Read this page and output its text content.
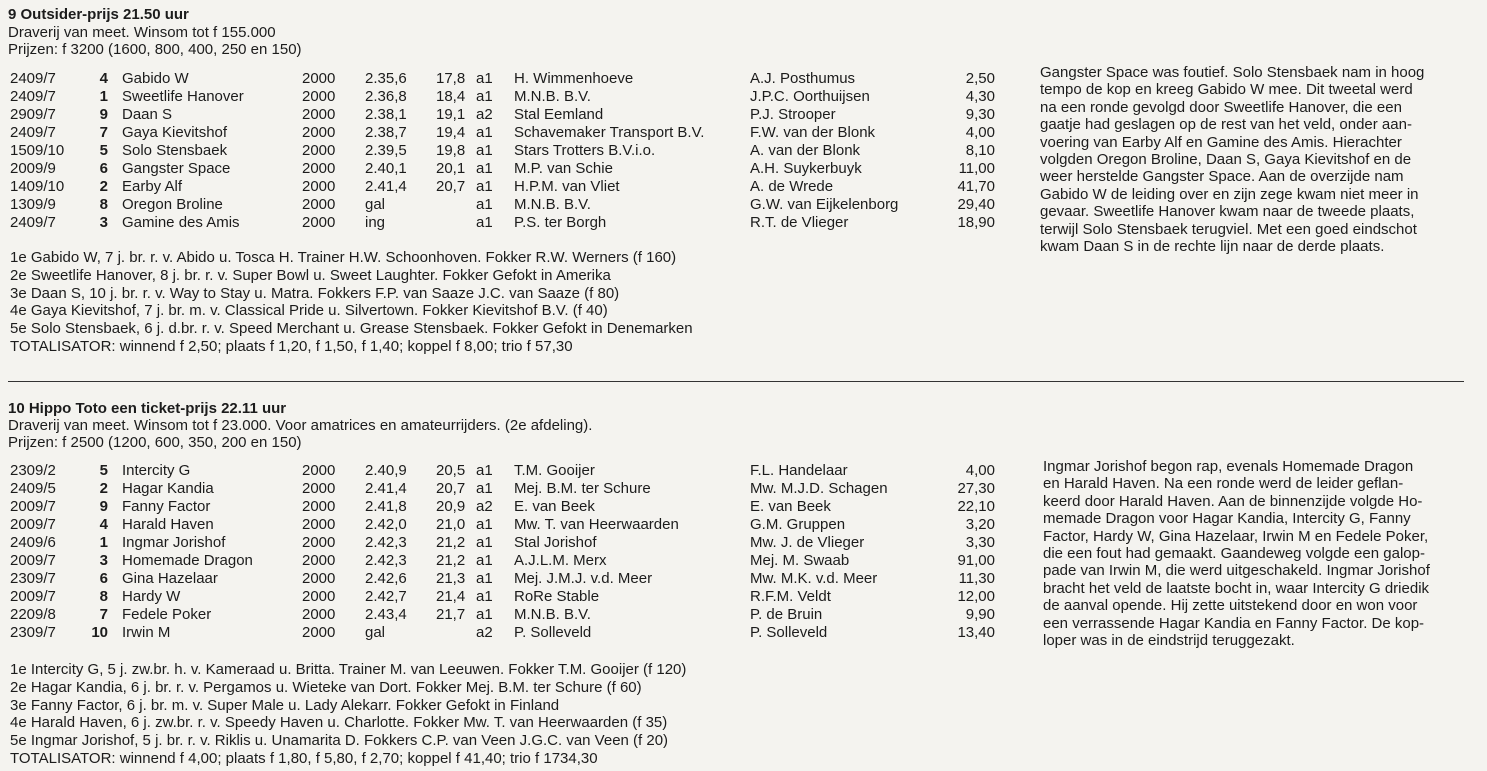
9 Outsider-prijs 21.50 uur
Draverij van meet. Winsom tot f 155.000
Prijzen: f 3200 (1600, 800, 400, 250 en 150)
2409/7	4 Gabido W	2000 2.35,6 17,8 a1 H. Wimmenhoeve	A.J. Posthumus	2,50
2409/7	1 Sweetlife Hanover	2000 2.36,8 18,4 a1 M.N.B. B.V.	J.P.C. Oorthuijsen	4,30
2909/7	9 Daan S	2000 2.38,1 19,1 a2 Stal Eemland	P.J. Strooper	9,30
2409/7	7 Gaya Kievitshof	2000 2.38,7 19,4 a1 Schavemaker Transport B.V.	F.W. van der Blonk	4,00
1509/10	5 Solo Stensbaek	2000 2.39,5 19,8 a1 Stars Trotters B.V.i.o.	A. van der Blonk	8,10
2009/9	6 Gangster Space	2000 2.40,1 20,1 a1 M.P. van Schie	A.H. Suykerbuyk	11,00
1409/10	2 Earby Alf	2000 2.41,4 20,7 a1 H.P.M. van Vliet	A. de Wrede	41,70
1309/9	8 Oregon Broline	2000 gal	a1 M.N.B. B.V.	G.W. van Eijkelenborg	29,40
2409/7	3 Gamine des Amis	2000 ing	a1 P.S. ter Borgh	R.T. de Vlieger	18,90
Gangster Space was foutief. Solo Stensbaek nam in hoog
tempo de kop en kreeg Gabido W mee. Dit tweetal werd
na een ronde gevolgd door Sweetlife Hanover, die een
gaatje had geslagen op de rest van het veld, onder aan-
voering van Earby Alf en Gamine des Amis. Hierachter
volgden Oregon Broline, Daan S, Gaya Kievitshof en de
weer herstelde Gangster Space. Aan de overzijde nam
Gabido W de leiding over en zijn zege kwam niet meer in
gevaar. Sweetlife Hanover kwam naar de tweede plaats,
terwijl Solo Stensbaek terugviel. Met een goed eindschot
kwam Daan S in de rechte lijn naar de derde plaats.
1e Gabido W, 7 j. br. r. v. Abido u. Tosca H. Trainer H.W. Schoonhoven. Fokker R.W. Werners (f 160)
2e Sweetlife Hanover, 8 j. br. r. v. Super Bowl u. Sweet Laughter. Fokker Gefokt in Amerika
3e Daan S, 10 j. br. r. v. Way to Stay u. Matra. Fokkers F.P. van Saaze J.C. van Saaze (f 80)
4e Gaya Kievitshof, 7 j. br. m. v. Classical Pride u. Silvertown. Fokker Kievitshof B.V. (f 40)
5e Solo Stensbaek, 6 j. d.br. r. v. Speed Merchant u. Grease Stensbaek. Fokker Gefokt in Denemarken
TOTALISATOR: winnend f 2,50; plaats f 1,20, f 1,50, f 1,40; koppel f 8,00; trio f 57,30
10 Hippo Toto een ticket-prijs 22.11 uur
Draverij van meet. Winsom tot f 23.000. Voor amatrices en amateurrijders. (2e afdeling).
Prijzen: f 2500 (1200, 600, 350, 200 en 150)
2309/2	5 Intercity G	2000 2.40,9 20,5 a1 T.M. Gooijer	F.L. Handelaar	4,00
2409/5	2 Hagar Kandia	2000 2.41,4 20,7 a1 Mej. B.M. ter Schure	Mw. M.J.D. Schagen	27,30
2009/7	9 Fanny Factor	2000 2.41,8 20,9 a2 E. van Beek	E. van Beek	22,10
2009/7	4 Harald Haven	2000 2.42,0 21,0 a1 Mw. T. van Heerwaarden	G.M. Gruppen	3,20
2409/6	1 Ingmar Jorishof	2000 2.42,3 21,2 a1 Stal Jorishof	Mw. J. de Vlieger	3,30
2009/7	3 Homemade Dragon	2000 2.42,3 21,2 a1 A.J.L.M. Merx	Mej. M. Swaab	91,00
2309/7	6 Gina Hazelaar	2000 2.42,6 21,3 a1 Mej. J.M.J. v.d. Meer	Mw. M.K. v.d. Meer	11,30
2009/7	8 Hardy W	2000 2.42,7 21,4 a1 RoRe Stable	R.F.M. Veldt	12,00
2209/8	7 Fedele Poker	2000 2.43,4 21,7 a1 M.N.B. B.V.	P. de Bruin	9,90
2309/7 10 Irwin M	2000 gal	a2 P. Solleveld	P. Solleveld	13,40
Ingmar Jorishof begon rap, evenals Homemade Dragon
en Harald Haven. Na een ronde werd de leider geflan-
keerd door Harald Haven. Aan de binnenzijde volgde Ho-
memade Dragon voor Hagar Kandia, Intercity G, Fanny
Factor, Hardy W, Gina Hazelaar, Irwin M en Fedele Poker,
die een fout had gemaakt. Gaandeweg volgde een galop-
pade van Irwin M, die werd uitgeschakeld. Ingmar Jorishof
bracht het veld de laatste bocht in, waar Intercity G driedik
de aanval opende. Hij zette uitstekend door en won voor
een verrassende Hagar Kandia en Fanny Factor. De kop-
loper was in de eindstrijd teruggezakt.
1e Intercity G, 5 j. zw.br. h. v. Kameraad u. Britta. Trainer M. van Leeuwen. Fokker T.M. Gooijer (f 120)
2e Hagar Kandia, 6 j. br. r. v. Pergamos u. Wieteke van Dort. Fokker Mej. B.M. ter Schure (f 60)
3e Fanny Factor, 6 j. br. m. v. Super Male u. Lady Alekarr. Fokker Gefokt in Finland
4e Harald Haven, 6 j. zw.br. r. v. Speedy Haven u. Charlotte. Fokker Mw. T. van Heerwaarden (f 35)
5e Ingmar Jorishof, 5 j. br. r. v. Riklis u. Unamarita D. Fokkers C.P. van Veen J.G.C. van Veen (f 20)
TOTALISATOR: winnend f 4,00; plaats f 1,80, f 5,80, f 2,70; koppel f 41,40; trio f 1734,30
